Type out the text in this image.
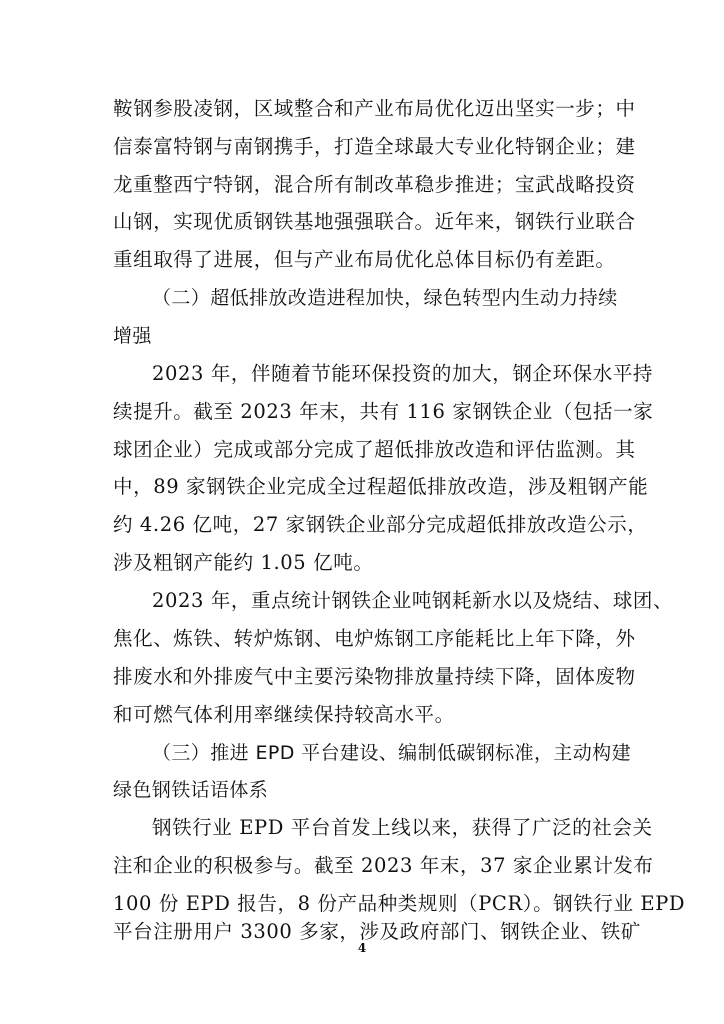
鞍钢参股凌钢，区域整合和产业布局优化迈出坚实一步；中
信泰富特钢与南钢携手，打造全球最大专业化特钢企业；建
龙重整西宁特钢，混合所有制改革稳步推进；宝武战略投资
山钢，实现优质钢铁基地强强联合。近年来，钢铁行业联合
重组取得了进展，但与产业布局优化总体目标仍有差距。
（二）超低排放改造进程加快，绿色转型内生动力持续
增强
2023 年，伴随着节能环保投资的加大，钢企环保水平持
续提升。截至 2023 年末，共有 116 家钢铁企业（包括一家
球团企业）完成或部分完成了超低排放改造和评估监测。其
中，89 家钢铁企业完成全过程超低排放改造，涉及粗钢产能
约 4.26 亿吨，27 家钢铁企业部分完成超低排放改造公示，
涉及粗钢产能约 1.05 亿吨。
2023 年，重点统计钢铁企业吨钢耗新水以及烧结、球团、
焦化、炼铁、转炉炼钢、电炉炼钢工序能耗比上年下降，外
排废水和外排废气中主要污染物排放量持续下降，固体废物
和可燃气体利用率继续保持较高水平。
（三）推进 EPD 平台建设、编制低碳钢标准，主动构建
绿色钢铁话语体系
钢铁行业 EPD 平台首发上线以来，获得了广泛的社会关
注和企业的积极参与。截至 2023 年末，37 家企业累计发布
100 份 EPD 报告，8 份产品种类规则（PCR）。钢铁行业 EPD
平台注册用户 3300 多家，涉及政府部门、钢铁企业、铁矿
4
